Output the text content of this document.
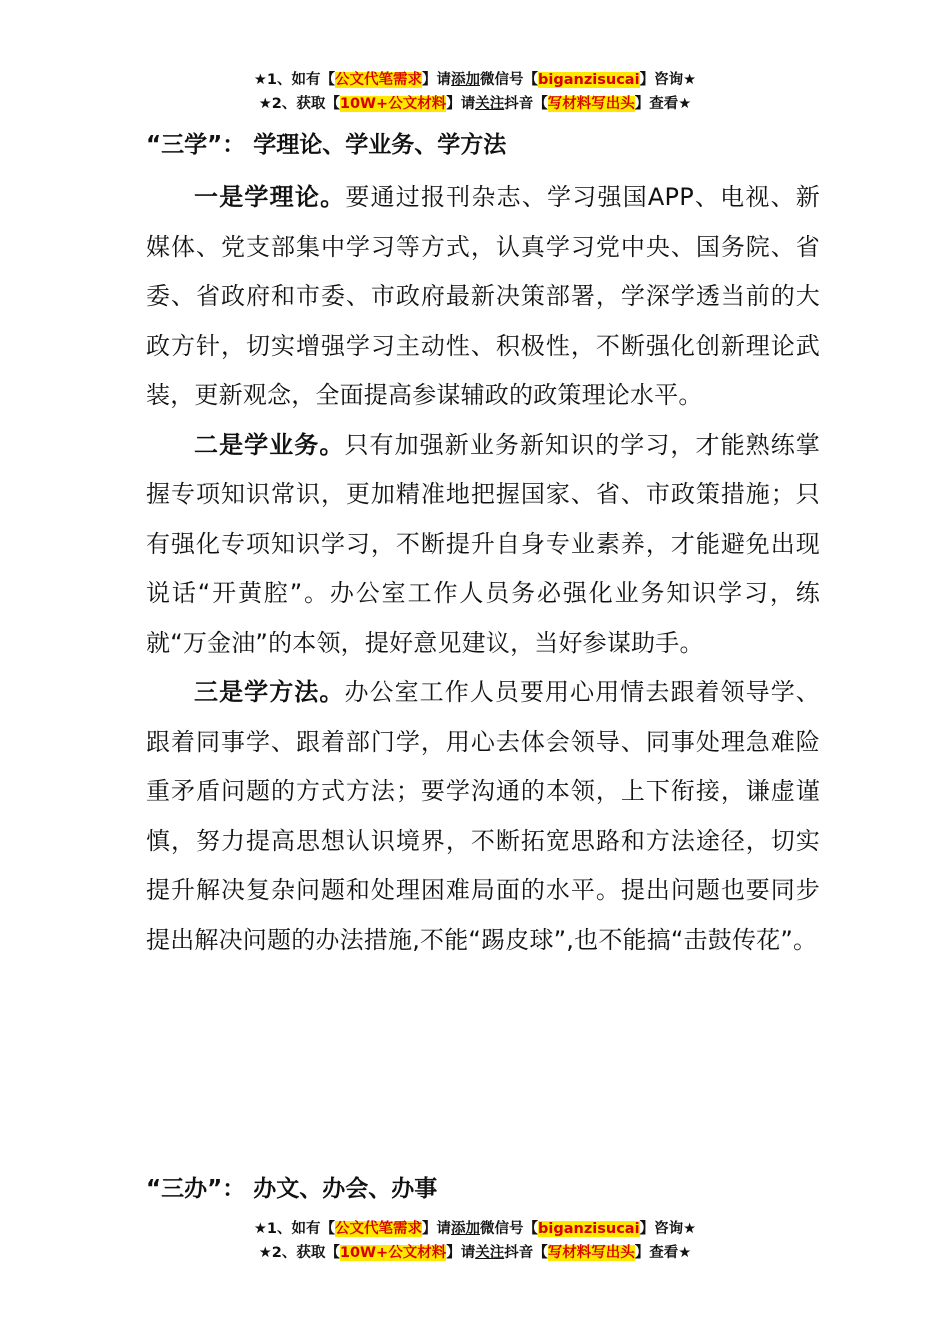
★1、如有【公文代笔需求】请添加微信号【biganzisucai】咨询★
★2、获取【10W+公文材料】请关注抖音【写材料写出头】查看★
“三学”： 学理论、学业务、学方法

一是学理论。要通过报刊杂志、学习强国APP、电视、新媒体、党支部集中学习等方式，认真学习党中央、国务院、省委、省政府和市委、市政府最新决策部署，学深学透当前的大政方针，切实增强学习主动性、积极性，不断强化创新理论武装，更新观念，全面提高参谋辅政的政策理论水平。

二是学业务。只有加强新业务新知识的学习，才能熟练掌握专项知识常识，更加精准地把握国家、省、市政策措施；只有强化专项知识学习，不断提升自身专业素养，才能避免出现说话“开黄腔”。办公室工作人员务必强化业务知识学习，练就“万金油”的本领，提好意见建议，当好参谋助手。

三是学方法。办公室工作人员要用心用情去跟着领导学、跟着同事学、跟着部门学，用心去体会领导、同事处理急难险重矛盾问题的方式方法；要学沟通的本领，上下衔接，谦虚谨慎，努力提高思想认识境界，不断拓宽思路和方法途径，切实提升解决复杂问题和处理困难局面的水平。提出问题也要同步提出解决问题的办法措施,不能“踢皮球”,也不能搞“击鼓传花”。

“三办”： 办文、办会、办事
★1、如有【公文代笔需求】请添加微信号【biganzisucai】咨询★
★2、获取【10W+公文材料】请关注抖音【写材料写出头】查看★
